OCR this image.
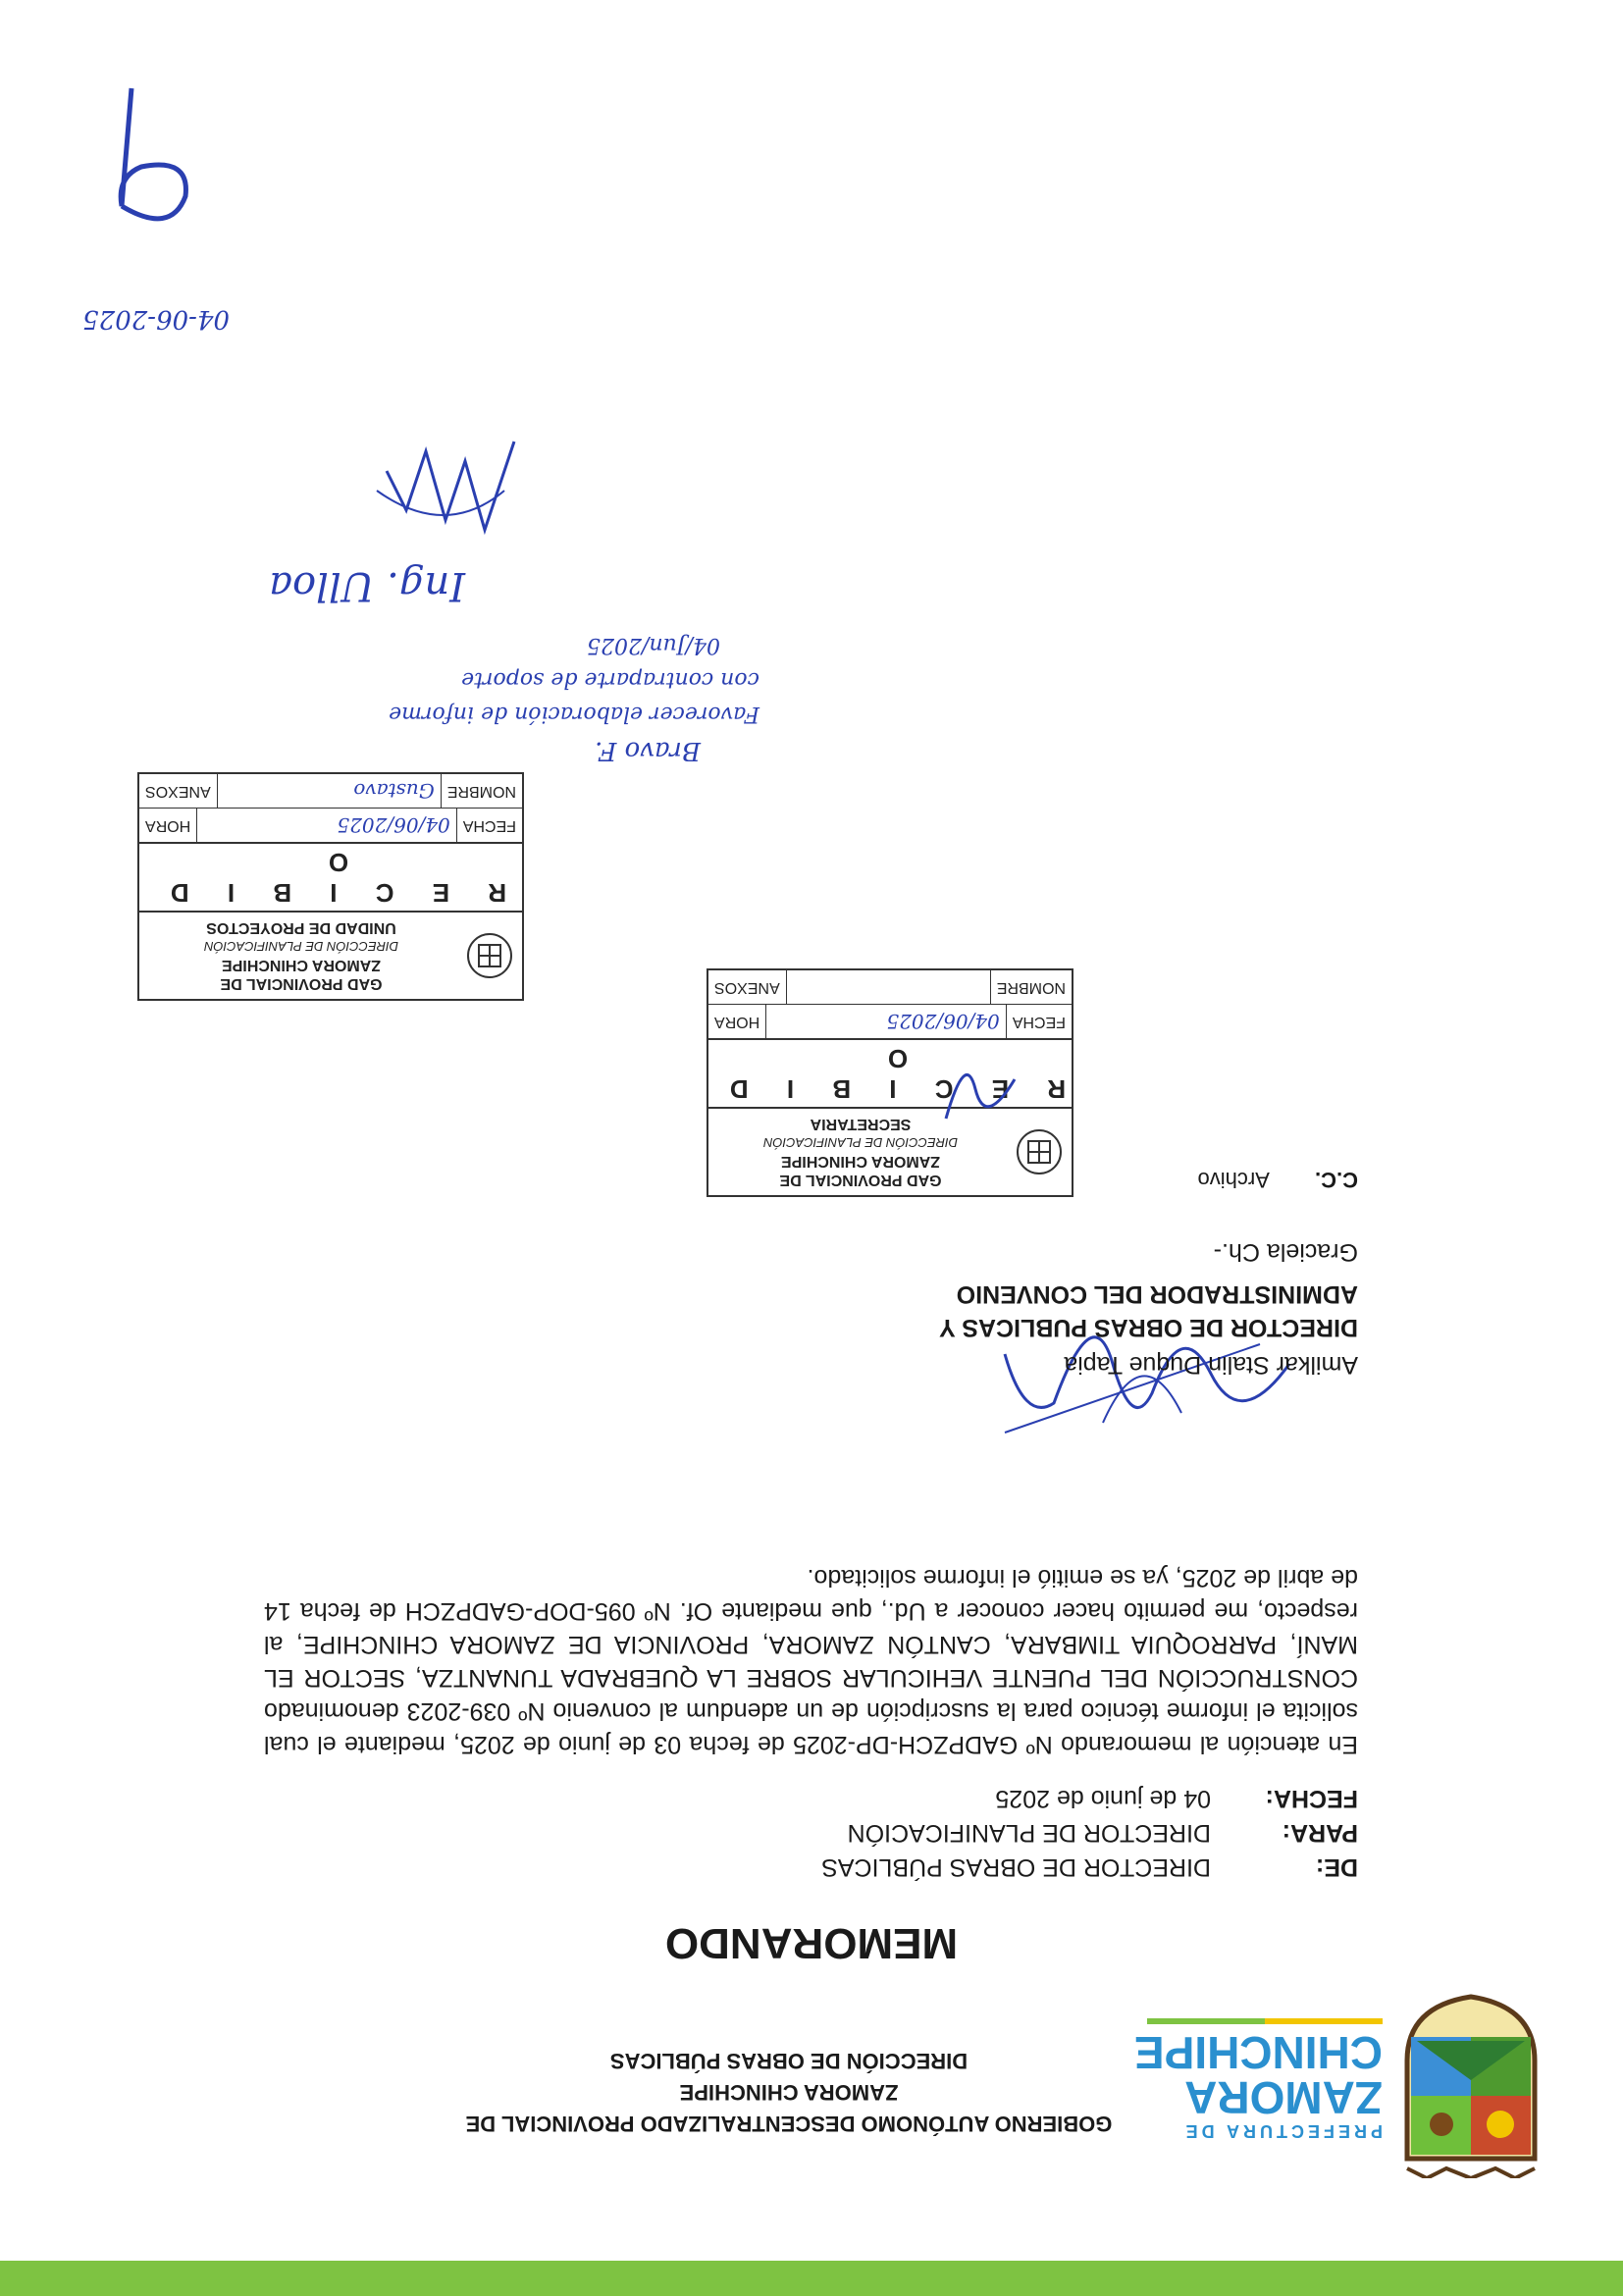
PREFECTURA DE
ZAMORA
CHINCHIPE
GOBIERNO AUTÓNOMO DESCENTRALIZADO PROVINCIAL DE
ZAMORA CHINCHIPE
DIRECCIÓN DE OBRAS PÚBLICAS
MEMORANDO
DE:
DIRECTOR DE OBRAS PÚBLICAS
PARA:
DIRECTOR DE PLANIFICACIÓN
FECHA:
04 de junio de 2025
En atención al memorando Nº GADPZCH-DP-2025 de fecha 03 de junio de 2025, mediante el cual solicita el informe técnico para la suscripción de un adendum al convenio Nº 039-2023 denominado CONSTRUCCIÓN DEL PUENTE VEHICULAR SOBRE LA QUEBRADA TUNANTZA, SECTOR EL MANÍ, PARROQUIA TIMBARA, CANTÓN ZAMORA, PROVINCIA DE ZAMORA CHINCHIPE, al respecto, me permito hacer conocer a Ud., que mediante Of. Nº 095-DOP-GADPZCH de fecha 14 de abril de 2025, ya se emitió el informe solicitado.
Amilkar Stalin Duque Tapia
DIRECTOR DE OBRAS PUBLICAS Y
ADMINISTRADOR DEL CONVENIO
Graciela Ch.-
C.C. Archivo
GAD PROVINCIAL DE
ZAMORA CHINCHIPE
DIRECCIÓN DE PLANIFICACIÓN
SECRETARIA
R E C I B I D O
FECHA
04/06/2025
HORA
NOMBRE
ANEXOS
GAD PROVINCIAL DE
ZAMORA CHINCHIPE
DIRECCIÓN DE PLANIFICACIÓN
UNIDAD DE PROYECTOS
R E C I B I D O
FECHA
04/06/2025
HORA
NOMBRE
Gustavo
ANEXOS
Bravo F.
Favorecer elaboración de informe
con contraparte de soporte
04/Jun/2025
Ing. Ulloa
04-06-2025
